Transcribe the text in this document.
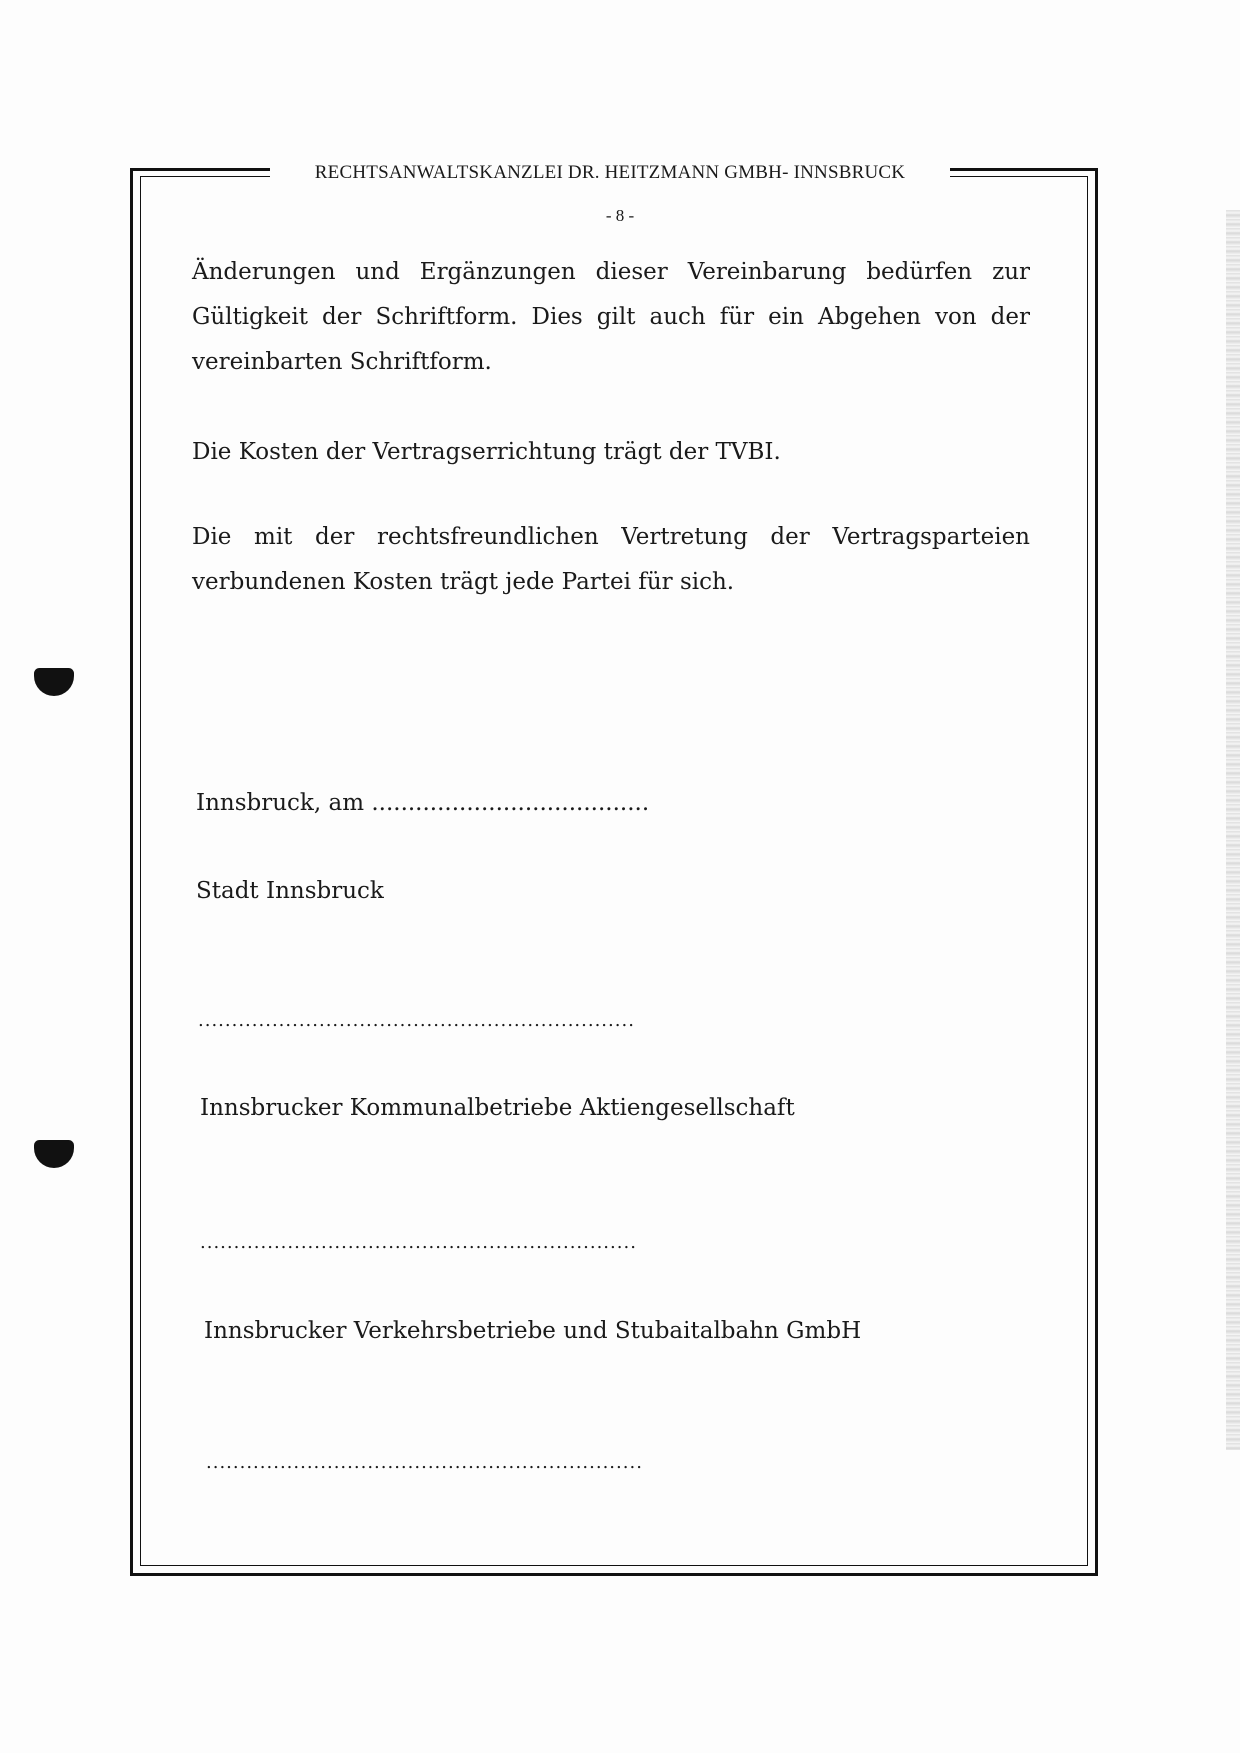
RECHTSANWALTSKANZLEI DR. HEITZMANN GMBH- INNSBRUCK
- 8 -
Änderungen und Ergänzungen dieser Vereinbarung bedürfen zur Gültigkeit der Schriftform. Dies gilt auch für ein Abgehen von der vereinbarten Schriftform.
Die Kosten der Vertragserrichtung trägt der TVBI.
Die mit der rechtsfreundlichen Vertretung der Vertragsparteien verbundenen Kosten trägt jede Partei für sich.
Innsbruck, am ......................................
Stadt Innsbruck
.................................................................
Innsbrucker Kommunalbetriebe Aktiengesellschaft
.................................................................
Innsbrucker Verkehrsbetriebe und Stubaitalbahn GmbH
.................................................................
